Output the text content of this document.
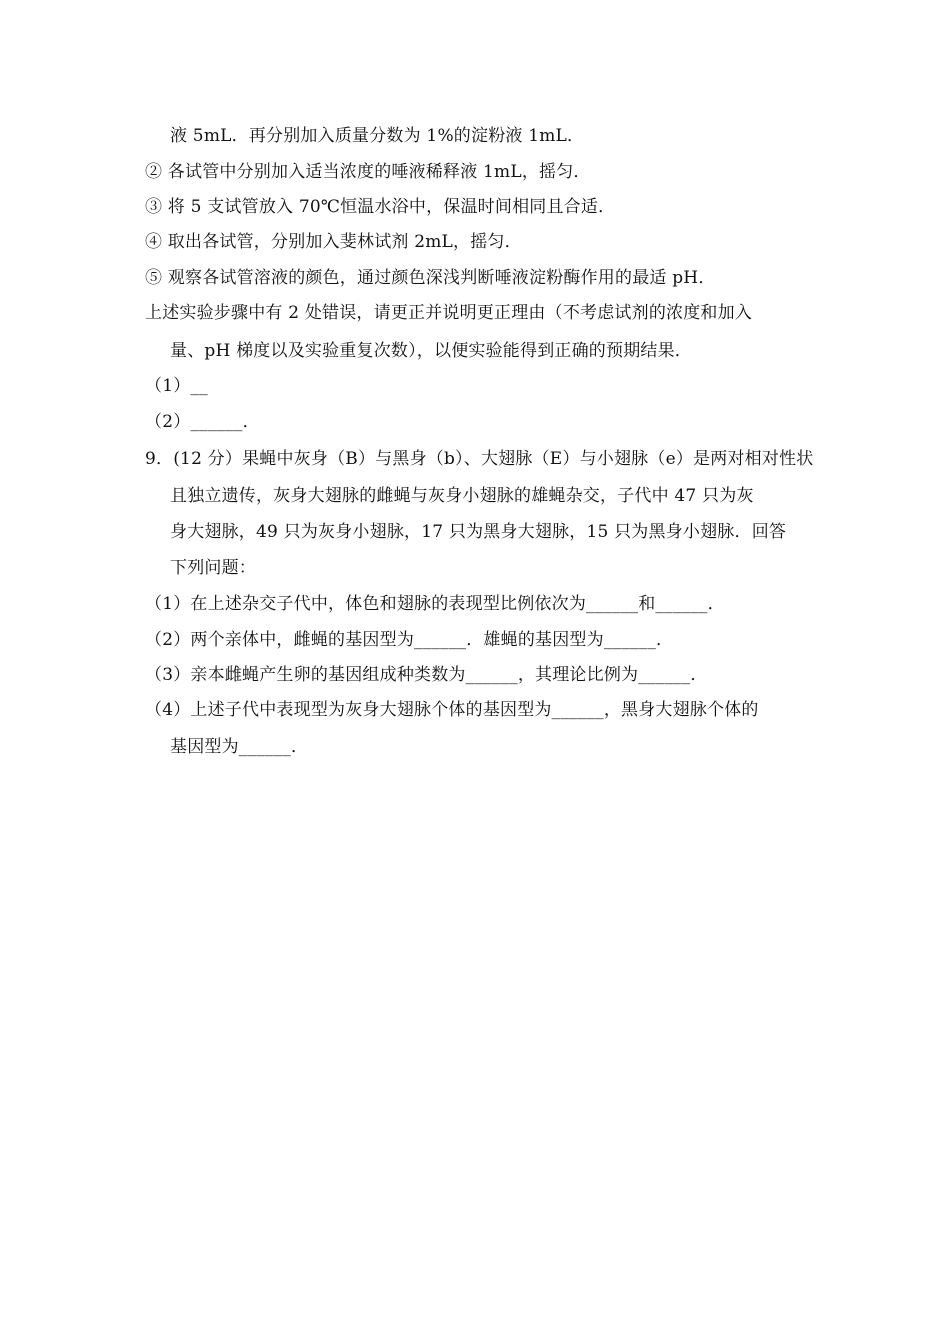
液 5mL．再分别加入质量分数为 1%的淀粉液 1mL．
② 各试管中分别加入适当浓度的唾液稀释液 1mL，摇匀．
③ 将 5 支试管放入 70℃恒温水浴中，保温时间相同且合适．
④ 取出各试管，分别加入斐林试剂 2mL，摇匀．
⑤ 观察各试管溶液的颜色，通过颜色深浅判断唾液淀粉酶作用的最适 pH．
上述实验步骤中有 2 处错误，请更正并说明更正理由（不考虑试剂的浓度和加入
量、pH 梯度以及实验重复次数），以便实验能得到正确的预期结果．
（1）__
（2）______．
9．(12 分）果蝇中灰身（B）与黑身（b）、大翅脉（E）与小翅脉（e）是两对相对性状
且独立遗传，灰身大翅脉的雌蝇与灰身小翅脉的雄蝇杂交，子代中 47 只为灰
身大翅脉，49 只为灰身小翅脉，17 只为黑身大翅脉，15 只为黑身小翅脉．回答
下列问题：
（1）在上述杂交子代中，体色和翅脉的表现型比例依次为______和______．
（2）两个亲体中，雌蝇的基因型为______．雄蝇的基因型为______．
（3）亲本雌蝇产生卵的基因组成种类数为______，其理论比例为______．
（4）上述子代中表现型为灰身大翅脉个体的基因型为______，黑身大翅脉个体的
基因型为______．
